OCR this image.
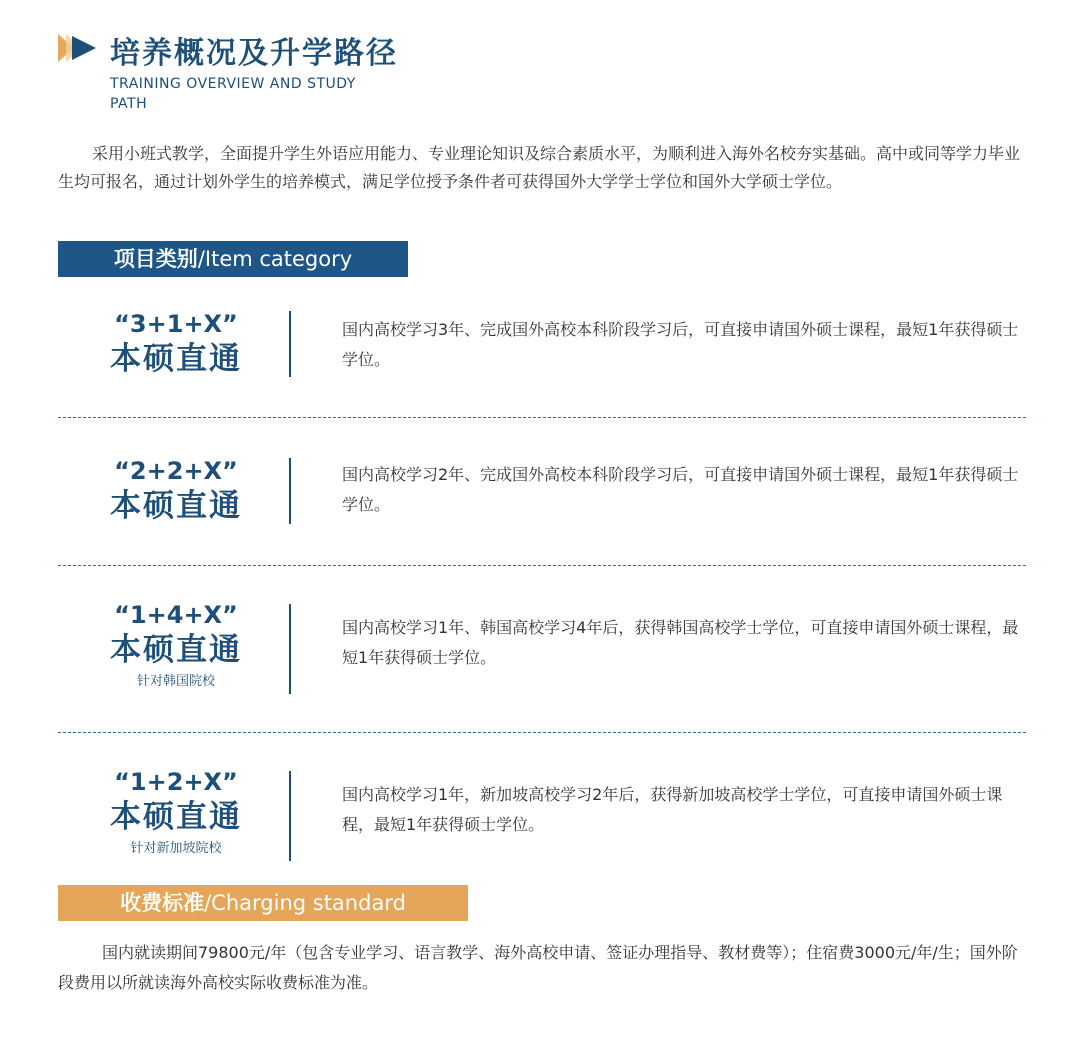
培养概况及升学路径
TRAINING OVERVIEW AND STUDY PATH
采用小班式教学，全面提升学生外语应用能力、专业理论知识及综合素质水平，为顺利进入海外名校夯实基础。高中或同等学力毕业生均可报名，通过计划外学生的培养模式，满足学位授予条件者可获得国外大学学士学位和国外大学硕士学位。
项目类别/Item category
“3+1+X”
本硕直通
国内高校学习3年、完成国外高校本科阶段学习后，可直接申请国外硕士课程，最短1年获得硕士学位。
“2+2+X”
本硕直通
国内高校学习2年、完成国外高校本科阶段学习后，可直接申请国外硕士课程，最短1年获得硕士学位。
“1+4+X”
本硕直通
针对韩国院校
国内高校学习1年、韩国高校学习4年后，获得韩国高校学士学位，可直接申请国外硕士课程，最短1年获得硕士学位。
“1+2+X”
本硕直通
针对新加坡院校
国内高校学习1年，新加坡高校学习2年后，获得新加坡高校学士学位，可直接申请国外硕士课程，最短1年获得硕士学位。
收费标准/Charging standard
国内就读期间79800元/年（包含专业学习、语言教学、海外高校申请、签证办理指导、教材费等）；住宿费3000元/年/生；国外阶段费用以所就读海外高校实际收费标准为准。
